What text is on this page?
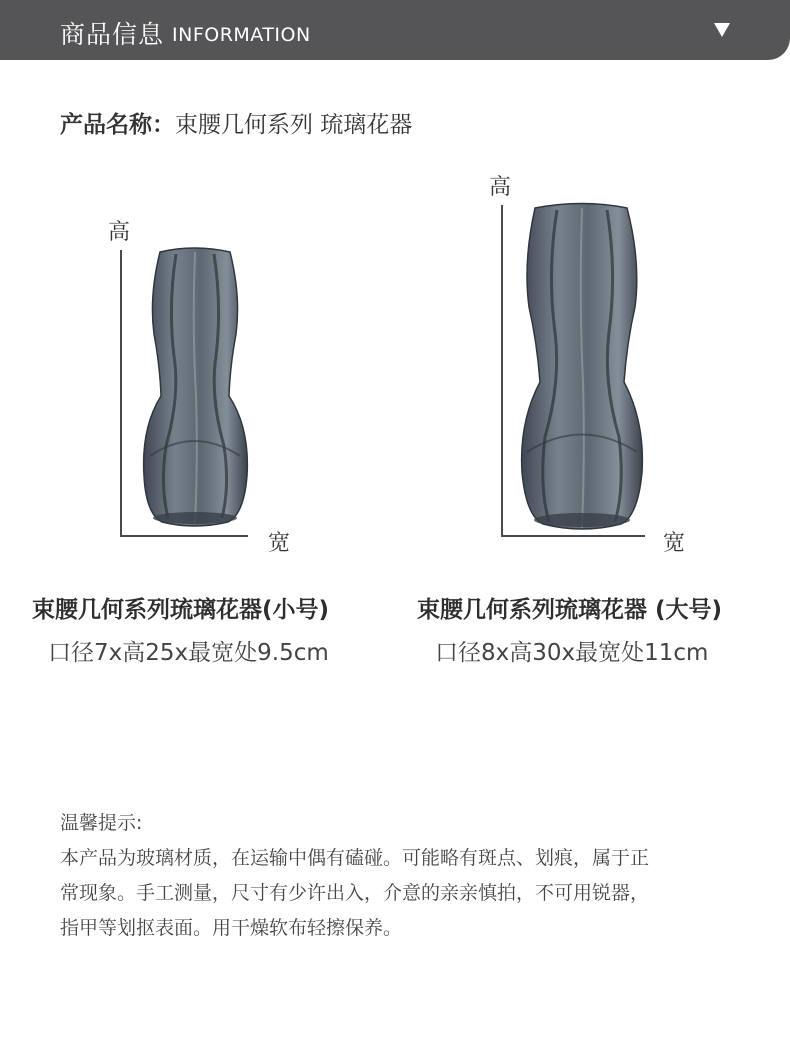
商品信息 INFORMATION
产品名称：束腰几何系列 琉璃花器
高
宽
高
宽
束腰几何系列琉璃花器(小号)
口径7x高25x最宽处9.5cm
束腰几何系列琉璃花器 (大号)
口径8x高30x最宽处11cm
温馨提示:
本产品为玻璃材质，在运输中偶有磕碰。可能略有斑点、划痕，属于正
常现象。手工测量，尺寸有少许出入，介意的亲亲慎拍，不可用锐器，
指甲等划抠表面。用干燥软布轻擦保养。
